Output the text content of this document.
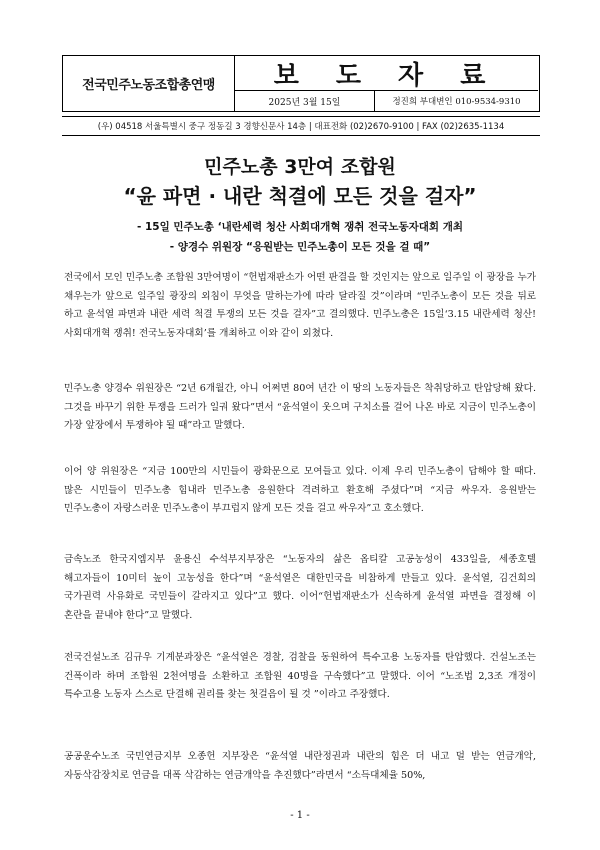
전국민주노동조합총연맹	보 도 자 료
2025년 3월 15일	정진희 부대변인 010-9534-9310
(우) 04518 서울특별시 중구 정동길 3 경향신문사 14층 | 대표전화 (02)2670-9100 | FAX (02)2635-1134
민주노총 3만여 조합원
“윤 파면 · 내란 척결에 모든 것을 걸자”
- 15일 민주노총 ‘내란세력 청산 사회대개혁 쟁취 전국노동자대회 개최
- 양경수 위원장 “응원받는 민주노총이 모든 것을 걸 때”
전국에서 모인 민주노총 조합원 3만여명이 “헌법재판소가 어떤 판결을 할 것인지는 앞으로 일주일 이 광장을 누가 채우는가 앞으로 일주일 광장의 외침이 무엇을 말하는가에 따라 달라질 것”이라며 “민주노총이 모든 것을 뒤로 하고 윤석열 파면과 내란 세력 척결 투쟁의 모든 것을 걸자”고 결의했다. 민주노총은 15일‘3.15 내란세력 청산! 사회대개혁 쟁취! 전국노동자대회’를 개최하고 이와 같이 외쳤다.
민주노총 양경수 위원장은 “2년 6개월간, 아니 어쩌면 80여 년간 이 땅의 노동자들은 착취당하고 탄압당해 왔다. 그것을 바꾸기 위한 투쟁을 드러가 일궈 왔다”면서 “윤석열이 웃으며 구치소를 걸어 나온 바로 지금이 민주노총이 가장 앞장에서 투쟁하야 될 때”라고 말했다.
이어 양 위원장은 “지금 100만의 시민들이 광화문으로 모여들고 있다. 이제 우리 민주노총이 답해야 할 때다. 많은 시민들이 민주노총 힘내라 민주노총 응원한다 격려하고 환호해 주셨다”며 “지금 싸우자. 응원받는 민주노총이 자랑스러운 민주노총이 부끄럽지 않게 모든 것을 걸고 싸우자”고 호소했다.
금속노조 한국지엠지부 윤용신 수석부지부장은 “노동자의 삶은 옵티칼 고공농성이 433일을, 세종호텔 해고자들이 10미터 높이 고농성을 한다”며 “윤석열은 대한민국을 비참하게 만들고 있다. 윤석열, 김건희의 국가권력 사유화로 국민들이 갈라지고 있다”고 했다. 이어“헌법재판소가 신속하게 윤석열 파면을 결정해 이 혼란을 끝내야 한다”고 말했다.
전국건설노조 김규우 기계분과장은 “윤석열은 경찰, 검찰을 동원하여 특수고용 노동자를 탄압했다. 건설노조는 건폭이라 하며 조합원 2천여명을 소환하고 조합원 40명을 구속했다”고 말했다. 이어 “노조법 2,3조 개정이 특수고용 노동자 스스로 단결해 권리를 찾는 첫걸음이 될 것 ”이라고 주장했다.
공공운수노조 국민연금지부 오종헌 지부장은 “윤석열 내란정권과 내란의 힘은 더 내고 덜 받는 연금개악, 자동삭감장치로 연금을 대폭 삭감하는 연금개악을 추진했다”라면서 “소득대체율 50%,
- 1 -
